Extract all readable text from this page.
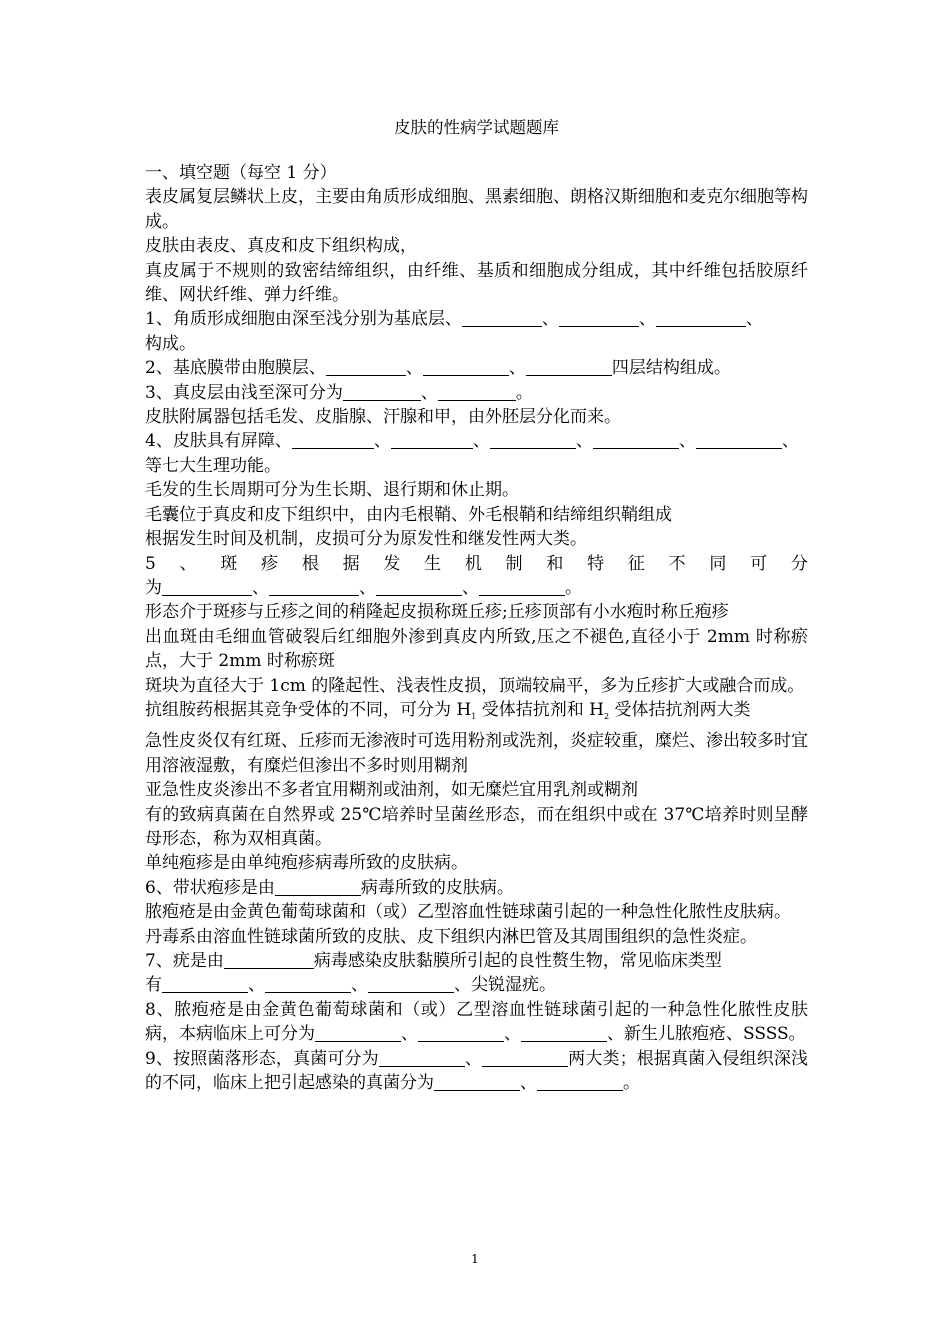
皮肤的性病学试题题库

一、填空题（每空 1 分）

表皮属复层鳞状上皮，主要由角质形成细胞、黑素细胞、朗格汉斯细胞和麦克尔细胞等构成。

皮肤由表皮、真皮和皮下组织构成，

真皮属于不规则的致密结缔组织，由纤维、基质和细胞成分组成，其中纤维包括胶原纤维、网状纤维、弹力纤维。

1、角质形成细胞由深至浅分别为基底层、	、	、	、

构成。

2、基底膜带由胞膜层、	、	、	四层结构组成。

3、真皮层由浅至深可分为	、	。

皮肤附属器包括毛发、皮脂腺、汗腺和甲，由外胚层分化而来。

4、皮肤具有屏障、	、	、	、	、	、

等七大生理功能。

毛发的生长周期可分为生长期、退行期和休止期。

毛囊位于真皮和皮下组织中，由内毛根鞘、外毛根鞘和结缔组织鞘组成

根据发生时间及机制，皮损可分为原发性和继发性两大类。

5 、 斑 疹 根 据 发 生 机 制 和 特 征 不 同 可 分

为	、	、	、	。

形态介于斑疹与丘疹之间的稍隆起皮损称斑丘疹;丘疹顶部有小水疱时称丘疱疹

出血斑由毛细血管破裂后红细胞外渗到真皮内所致,压之不褪色,直径小于 2mm 时称瘀点，大于 2mm 时称瘀斑

斑块为直径大于 1cm 的隆起性、浅表性皮损，顶端较扁平，多为丘疹扩大或融合而成。

抗组胺药根据其竞争受体的不同，可分为 $H_1$ 受体拮抗剂和 $H_2$ 受体拮抗剂两大类

急性皮炎仅有红斑、丘疹而无渗液时可选用粉剂或洗剂，炎症较重，糜烂、渗出较多时宜用溶液湿敷，有糜烂但渗出不多时则用糊剂

亚急性皮炎渗出不多者宜用糊剂或油剂，如无糜烂宜用乳剂或糊剂

有的致病真菌在自然界或 25℃培养时呈菌丝形态，而在组织中或在 37℃培养时则呈酵母形态，称为双相真菌。

单纯疱疹是由单纯疱疹病毒所致的皮肤病。

6、带状疱疹是由	病毒所致的皮肤病。

脓疱疮是由金黄色葡萄球菌和（或）乙型溶血性链球菌引起的一种急性化脓性皮肤病。

丹毒系由溶血性链球菌所致的皮肤、皮下组织内淋巴管及其周围组织的急性炎症。

7、疣是由	病毒感染皮肤黏膜所引起的良性赘生物，常见临床类型

有	、	、	、尖锐湿疣。

8、脓疱疮是由金黄色葡萄球菌和（或）乙型溶血性链球菌引起的一种急性化脓性皮肤病，本病临床上可分为	、	、	、新生儿脓疱疮、SSSS。

9、按照菌落形态，真菌可分为	、	两大类；根据真菌入侵组织深浅的不同，临床上把引起感染的真菌分为	、	。

1
